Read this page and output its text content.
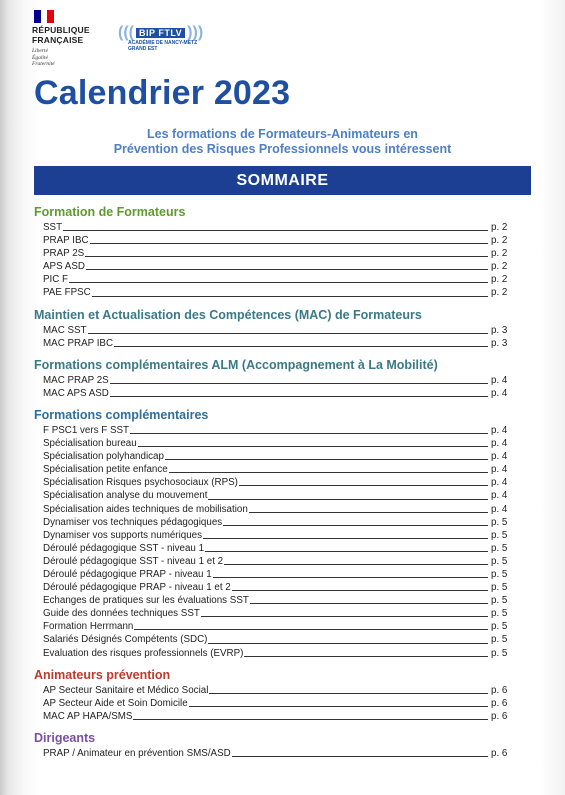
RÉPUBLIQUE
FRANÇAISE
Liberté
Égalité
Fraternité
((( BIP FTLV )))
ACADÉMIE DE NANCY-METZ
GRAND EST
Calendrier 2023
Les formations de Formateurs-Animateurs en
Prévention des Risques Professionnels vous intéressent
SOMMAIRE
Formation de Formateurs
SST	p. 2
PRAP IBC	p. 2
PRAP 2S	p. 2
APS ASD	p. 2
PIC F	p. 2
PAE FPSC	p. 2
Maintien et Actualisation des Compétences (MAC) de Formateurs
MAC SST	p. 3
MAC PRAP IBC	p. 3
Formations complémentaires ALM (Accompagnement à La Mobilité)
MAC PRAP 2S	p. 4
MAC APS ASD	p. 4
Formations complémentaires
F PSC1 vers F SST	p. 4
Spécialisation bureau	p. 4
Spécialisation polyhandicap	p. 4
Spécialisation petite enfance	p. 4
Spécialisation Risques psychosociaux (RPS)	p. 4
Spécialisation analyse du mouvement	p. 4
Spécialisation aides techniques de mobilisation	p. 4
Dynamiser vos techniques pédagogiques	p. 5
Dynamiser vos supports numériques	p. 5
Déroulé pédagogique SST - niveau 1	p. 5
Déroulé pédagogique SST - niveau 1 et 2	p. 5
Déroulé pédagogique PRAP - niveau 1	p. 5
Déroulé pédagogique PRAP - niveau 1 et 2	p. 5
Echanges de pratiques sur les évaluations SST	p. 5
Guide des données techniques SST	p. 5
Formation Herrmann	p. 5
Salariés Désignés Compétents (SDC)	p. 5
Evaluation des risques professionnels (EVRP)	p. 5
Animateurs prévention
AP Secteur Sanitaire et Médico Social	p. 6
AP Secteur Aide et Soin Domicile	p. 6
MAC AP HAPA/SMS	p. 6
Dirigeants
PRAP / Animateur en prévention SMS/ASD	p. 6
